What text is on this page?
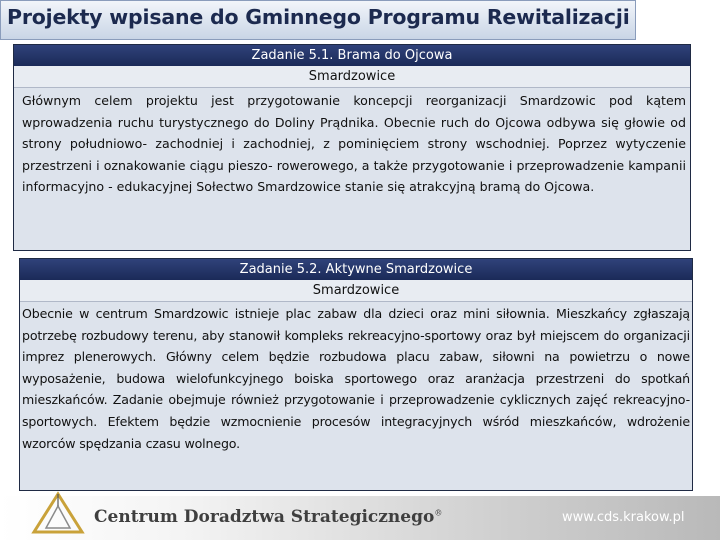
Projekty wpisane do Gminnego Programu Rewitalizacji
Zadanie 5.1. Brama do Ojcowa
Smardzowice
Głównym celem projektu jest przygotowanie koncepcji reorganizacji Smardzowic pod kątem wprowadzenia ruchu turystycznego do Doliny Prądnika. Obecnie ruch do Ojcowa odbywa się głowie od strony południowo- zachodniej i zachodniej, z pominięciem strony wschodniej. Poprzez wytyczenie przestrzeni i oznakowanie ciągu pieszo- rowerowego, a także przygotowanie i przeprowadzenie kampanii informacyjno - edukacyjnej Sołectwo Smardzowice stanie się atrakcyjną bramą do Ojcowa.
Zadanie 5.2. Aktywne Smardzowice
Smardzowice
Obecnie w centrum Smardzowic istnieje plac zabaw dla dzieci oraz mini siłownia. Mieszkańcy zgłaszają potrzebę rozbudowy terenu, aby stanowił kompleks rekreacyjno-sportowy oraz był miejscem do organizacji imprez plenerowych. Główny celem będzie rozbudowa placu zabaw, siłowni na powietrzu o nowe wyposażenie, budowa wielofunkcyjnego boiska sportowego oraz aranżacja przestrzeni do spotkań mieszkańców. Zadanie obejmuje również przygotowanie i przeprowadzenie cyklicznych zajęć rekreacyjno-sportowych. Efektem będzie wzmocnienie procesów integracyjnych wśród mieszkańców, wdrożenie wzorców spędzania czasu wolnego.
Centrum Doradztwa Strategicznego®	www.cds.krakow.pl
